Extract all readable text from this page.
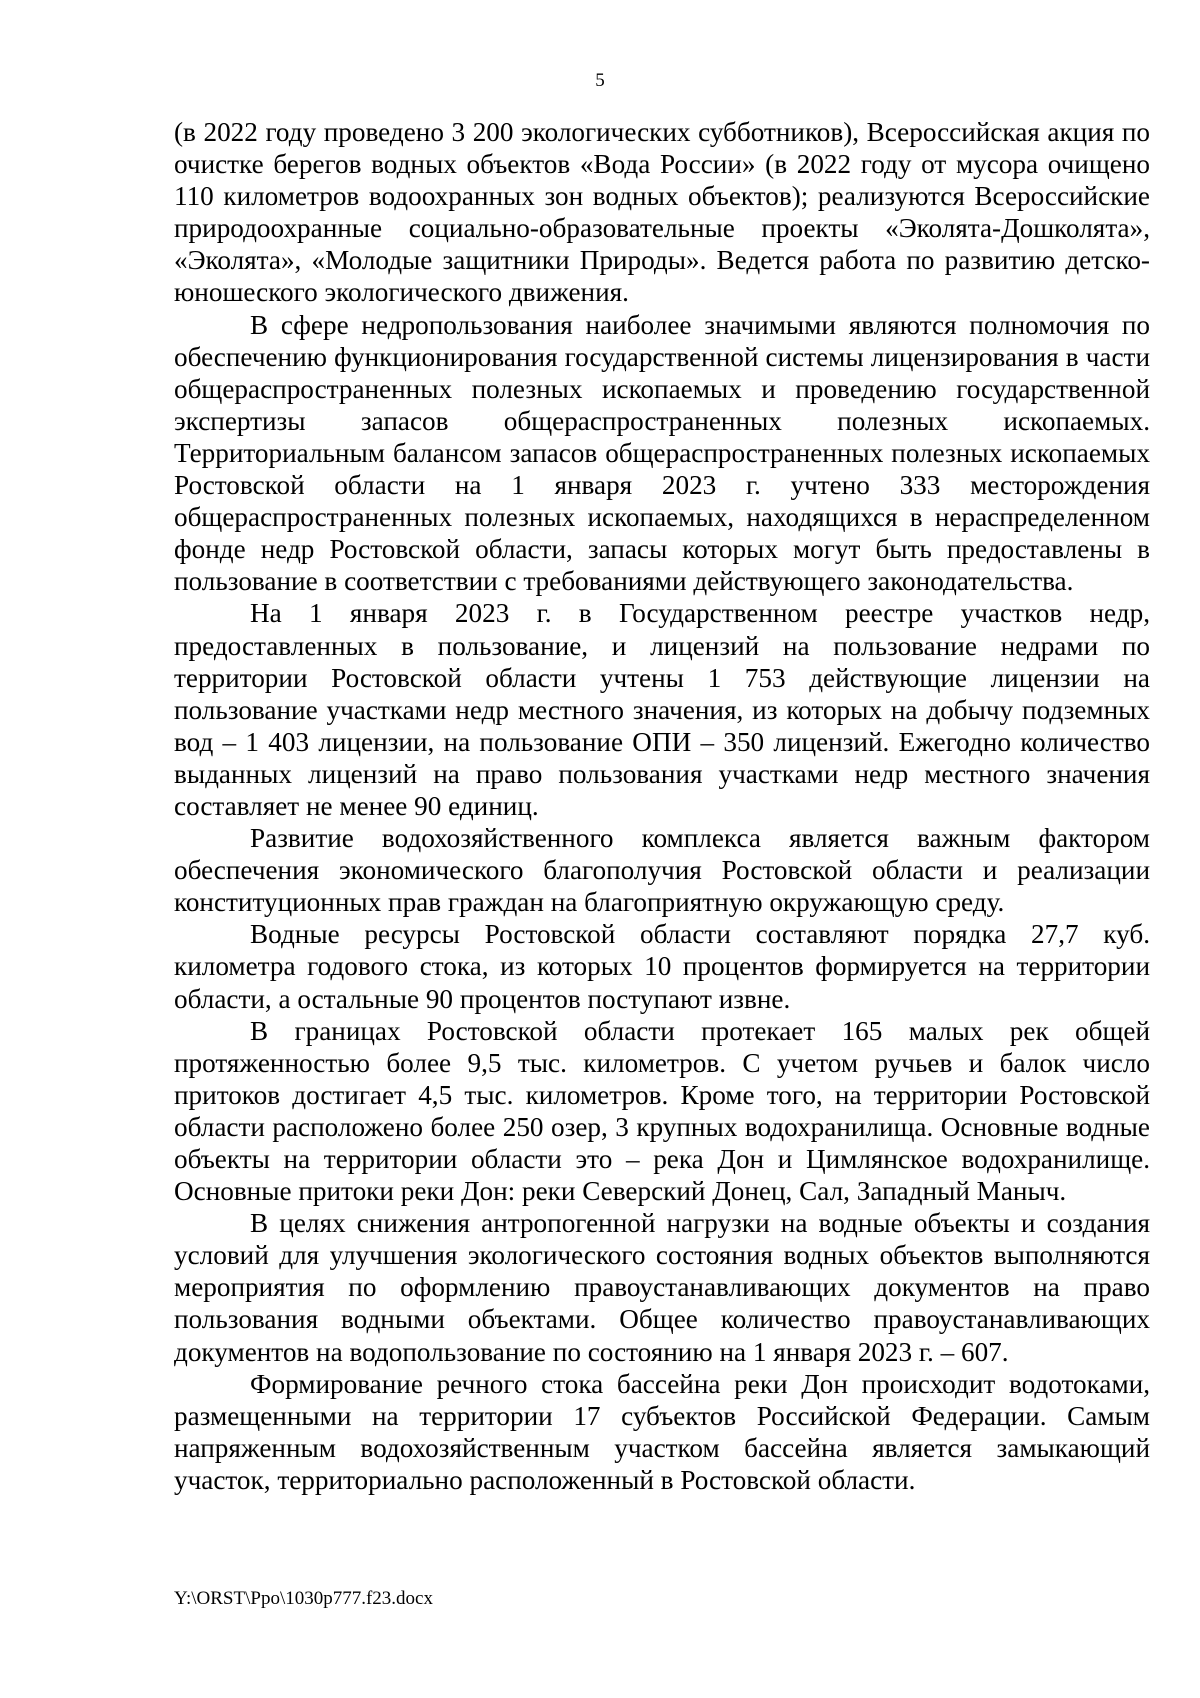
5

(в 2022 году проведено 3 200 экологических субботников), Всероссийская акция по очистке берегов водных объектов «Вода России» (в 2022 году от мусора очищено 110 километров водоохранных зон водных объектов); реализуются Всероссийские природоохранные социально-образовательные проекты «Эколята-Дошколята», «Эколята», «Молодые защитники Природы». Ведется работа по развитию детско-юношеского экологического движения.

В сфере недропользования наиболее значимыми являются полномочия по обеспечению функционирования государственной системы лицензирования в части общераспространенных полезных ископаемых и проведению государственной экспертизы запасов общераспространенных полезных ископаемых. Территориальным балансом запасов общераспространенных полезных ископаемых Ростовской области на 1 января 2023 г. учтено 333 месторождения общераспространенных полезных ископаемых, находящихся в нераспределенном фонде недр Ростовской области, запасы которых могут быть предоставлены в пользование в соответствии с требованиями действующего законодательства.

На 1 января 2023 г. в Государственном реестре участков недр, предоставленных в пользование, и лицензий на пользование недрами по территории Ростовской области учтены 1 753 действующие лицензии на пользование участками недр местного значения, из которых на добычу подземных вод – 1 403 лицензии, на пользование ОПИ – 350 лицензий. Ежегодно количество выданных лицензий на право пользования участками недр местного значения составляет не менее 90 единиц.

Развитие водохозяйственного комплекса является важным фактором обеспечения экономического благополучия Ростовской области и реализации конституционных прав граждан на благоприятную окружающую среду.

Водные ресурсы Ростовской области составляют порядка 27,7 куб. километра годового стока, из которых 10 процентов формируется на территории области, а остальные 90 процентов поступают извне.

В границах Ростовской области протекает 165 малых рек общей протяженностью более 9,5 тыс. километров. С учетом ручьев и балок число притоков достигает 4,5 тыс. километров. Кроме того, на территории Ростовской области расположено более 250 озер, 3 крупных водохранилища. Основные водные объекты на территории области это – река Дон и Цимлянское водохранилище. Основные притоки реки Дон: реки Северский Донец, Сал, Западный Маныч.

В целях снижения антропогенной нагрузки на водные объекты и создания условий для улучшения экологического состояния водных объектов выполняются мероприятия по оформлению правоустанавливающих документов на право пользования водными объектами. Общее количество правоустанавливающих документов на водопользование по состоянию на 1 января 2023 г. – 607.

Формирование речного стока бассейна реки Дон происходит водотоками, размещенными на территории 17 субъектов Российской Федерации. Самым напряженным водохозяйственным участком бассейна является замыкающий участок, территориально расположенный в Ростовской области.

Y:\ORST\Ppo\1030p777.f23.docx
